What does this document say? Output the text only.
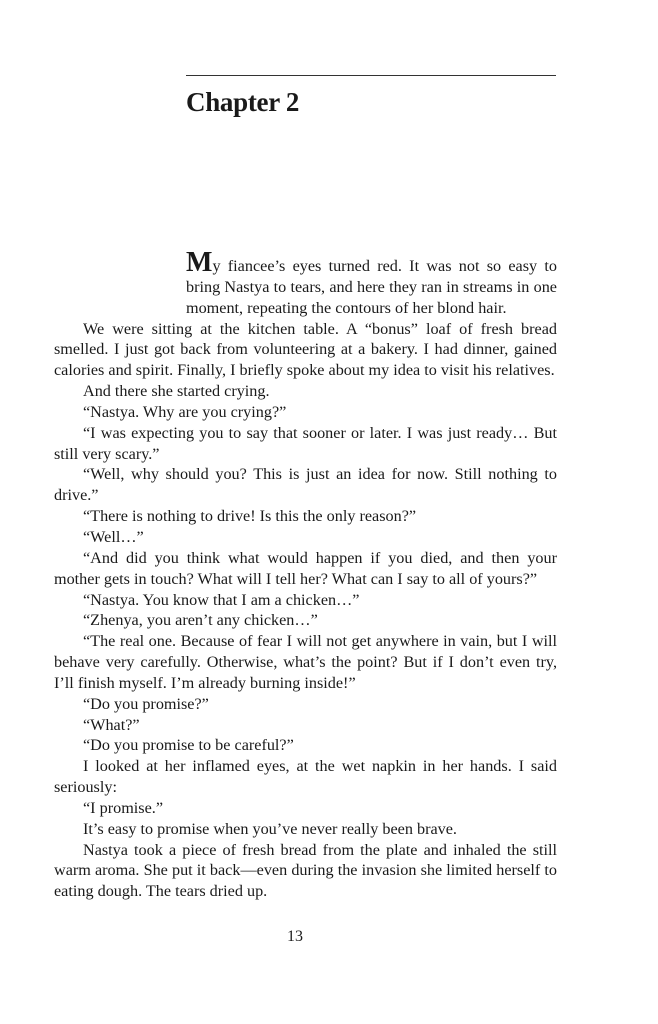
Chapter 2

My fiancee’s eyes turned red. It was not so easy to bring Nastya to tears, and here they ran in streams in one moment, repeating the contours of her blond hair.

We were sitting at the kitchen table. A “bonus” loaf of fresh bread smelled. I just got back from volunteering at a bakery. I had dinner, gained calories and spirit. Finally, I briefly spoke about my idea to visit his relatives.

And there she started crying.

“Nastya. Why are you crying?”

“I was expecting you to say that sooner or later. I was just ready… But still very scary.”

“Well, why should you? This is just an idea for now. Still nothing to drive.”

“There is nothing to drive! Is this the only reason?”

“Well…”

“And did you think what would happen if you died, and then your mother gets in touch? What will I tell her? What can I say to all of yours?”

“Nastya. You know that I am a chicken…”

“Zhenya, you aren’t any chicken…”

“The real one. Because of fear I will not get anywhere in vain, but I will behave very carefully. Otherwise, what’s the point? But if I don’t even try, I’ll finish myself. I’m already burning inside!”

“Do you promise?”

“What?”

“Do you promise to be careful?”

I looked at her inflamed eyes, at the wet napkin in her hands. I said seriously:

“I promise.”

It’s easy to promise when you’ve never really been brave.

Nastya took a piece of fresh bread from the plate and inhaled the still warm aroma. She put it back—even during the invasion she limited herself to eating dough. The tears dried up.

13
